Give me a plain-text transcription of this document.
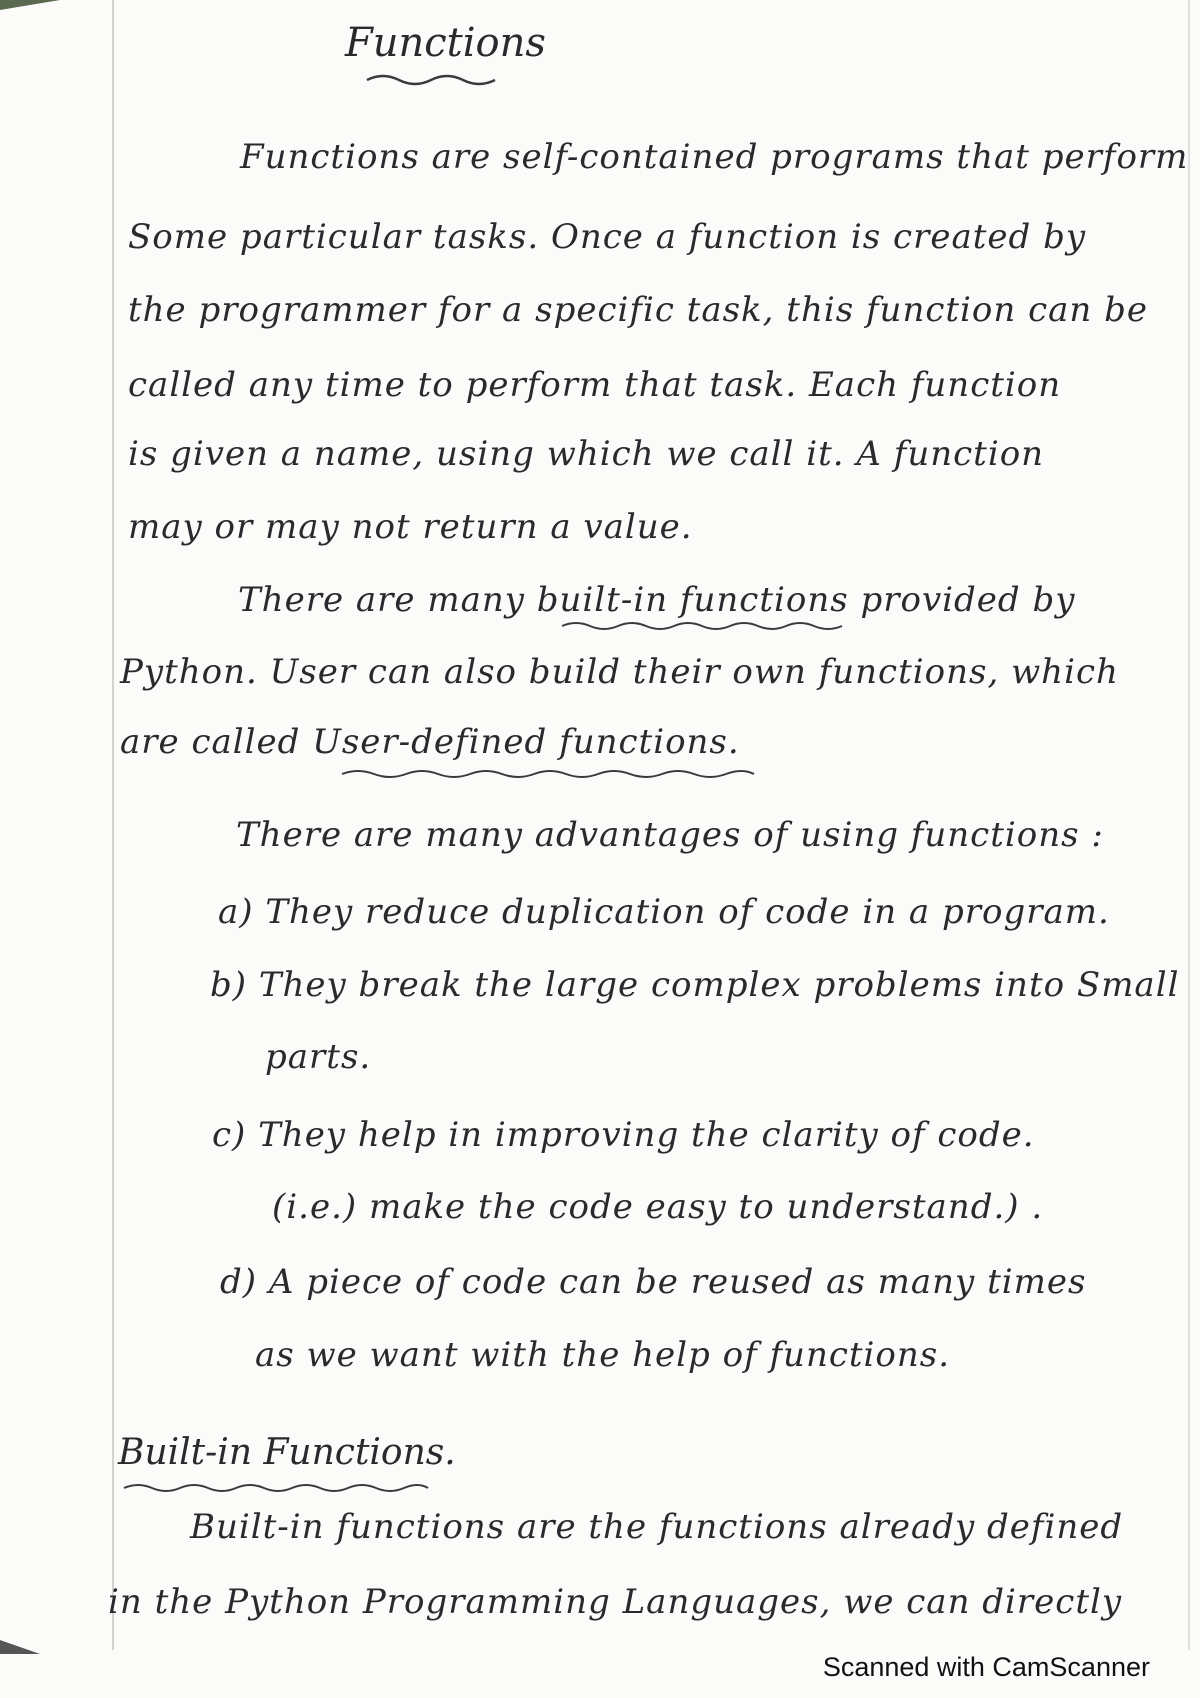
Functions
Functions are self-contained programs that perform
Some particular tasks. Once a function is created by
the programmer for a specific task, this function can be
called any time to perform that task. Each function
is given a name, using which we call it. A function
may or may not return a value.
There are many built-in functions provided by
Python. User can also build their own functions, which
are called User-defined functions.
There are many advantages of using functions :
a) They reduce duplication of code in a program.
b) They break the large complex problems into Small
parts.
c) They help in improving the clarity of code.
(i.e.) make the code easy to understand.) .
d) A piece of code can be reused as many times
as we want with the help of functions.
Built-in Functions.
Built-in functions are the functions already defined
in the Python Programming Languages, we can directly
Scanned with CamScanner
